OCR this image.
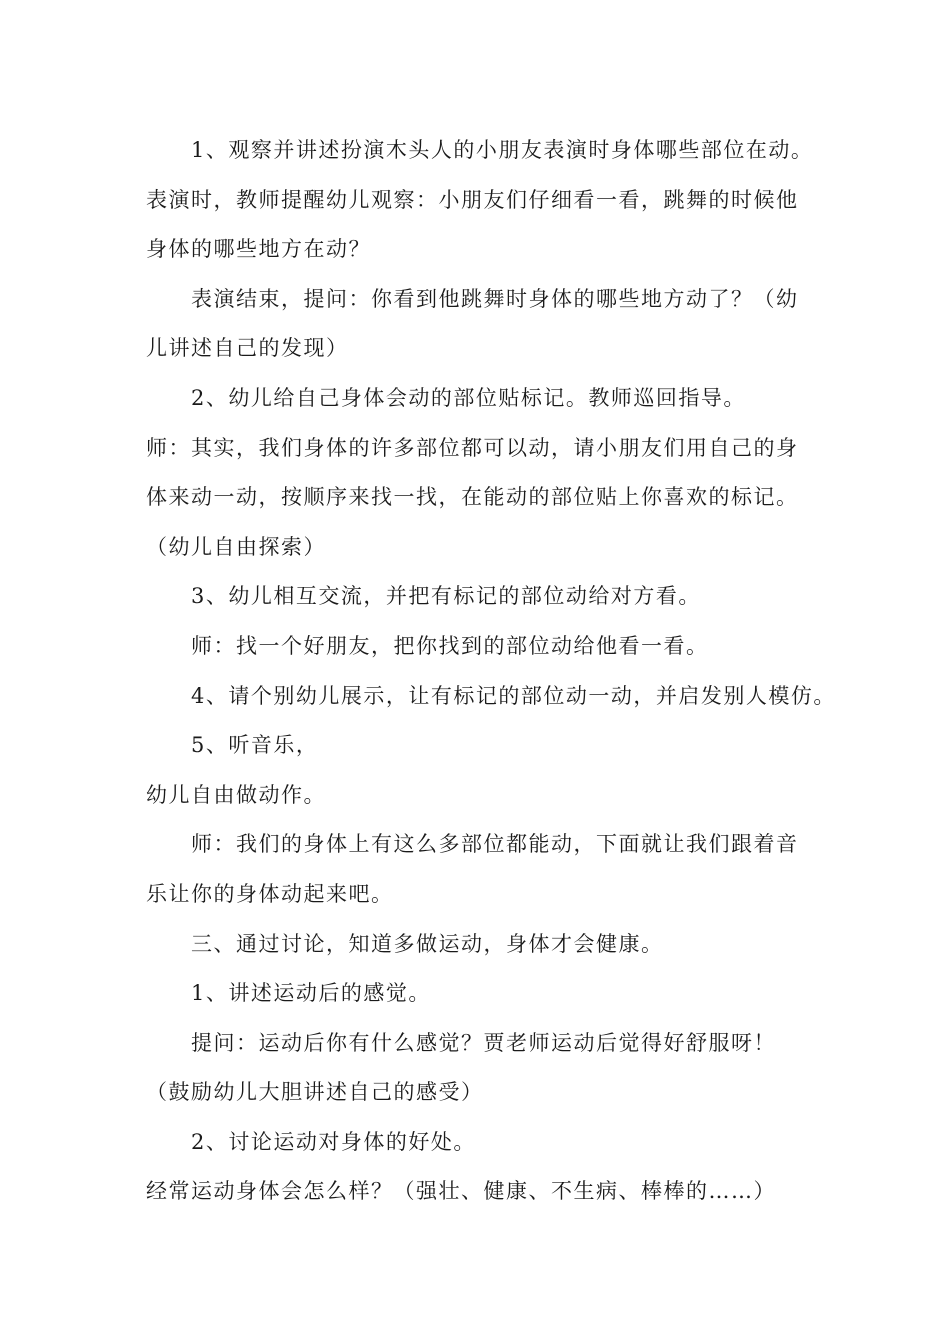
1、观察并讲述扮演木头人的小朋友表演时身体哪些部位在动。
表演时，教师提醒幼儿观察：小朋友们仔细看一看，跳舞的时候他
身体的哪些地方在动？
表演结束，提问：你看到他跳舞时身体的哪些地方动了？（幼
儿讲述自己的发现）
2、幼儿给自己身体会动的部位贴标记。教师巡回指导。
师：其实，我们身体的许多部位都可以动，请小朋友们用自己的身
体来动一动，按顺序来找一找，在能动的部位贴上你喜欢的标记。
（幼儿自由探索）
3、幼儿相互交流，并把有标记的部位动给对方看。
师：找一个好朋友，把你找到的部位动给他看一看。
4、请个别幼儿展示，让有标记的部位动一动，并启发别人模仿。
5、听音乐，
幼儿自由做动作。
师：我们的身体上有这么多部位都能动，下面就让我们跟着音
乐让你的身体动起来吧。
三、通过讨论，知道多做运动，身体才会健康。
1、讲述运动后的感觉。
提问：运动后你有什么感觉？贾老师运动后觉得好舒服呀！
（鼓励幼儿大胆讲述自己的感受）
2、讨论运动对身体的好处。
经常运动身体会怎么样？（强壮、健康、不生病、棒棒的……）
